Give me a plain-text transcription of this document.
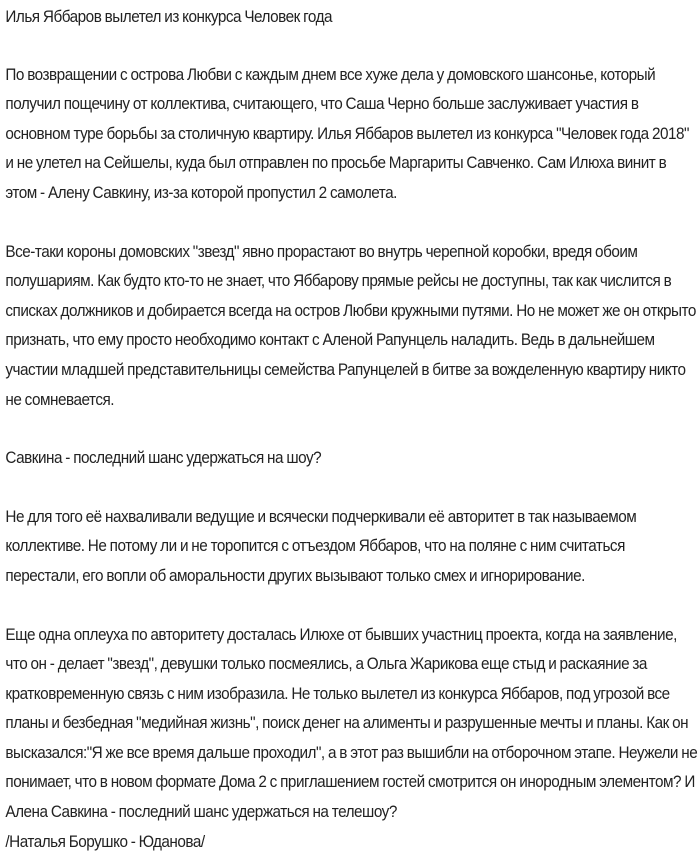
Илья Яббаров вылетел из конкурса Человек года

По возвращении с острова Любви с каждым днем все хуже дела у домовского шансонье, который получил пощечину от коллектива, считающего, что Саша Черно больше заслуживает участия в основном туре борьбы за столичную квартиру. Илья Яббаров вылетел из конкурса "Человек года 2018" и не улетел на Сейшелы, куда был отправлен по просьбе Маргариты Савченко. Сам Илюха винит в этом - Алену Савкину, из-за которой пропустил 2 самолета.

Все-таки короны домовских "звезд" явно прорастают во внутрь черепной коробки, вредя обоим полушариям. Как будто кто-то не знает, что Яббарову прямые рейсы не доступны, так как числится в списках должников и добирается всегда на остров Любви кружными путями. Но не может же он открыто признать, что ему просто необходимо контакт с Аленой Рапунцель наладить. Ведь в дальнейшем участии младшей представительницы семейства Рапунцелей в битве за вожделенную квартиру никто не сомневается.

Савкина - последний шанс удержаться на шоу?

Не для того её нахваливали ведущие и всячески подчеркивали её авторитет в так называемом коллективе. Не потому ли и не торопится с отъездом Яббаров, что на поляне с ним считаться перестали, его вопли об аморальности других вызывают только смех и игнорирование.

Еще одна оплеуха по авторитету досталась Илюхе от бывших участниц проекта, когда на заявление, что он - делает "звезд", девушки только посмеялись, а Ольга Жарикова еще стыд и раскаяние за кратковременную связь с ним изобразила. Не только вылетел из конкурса Яббаров, под угрозой все планы и безбедная "медийная жизнь", поиск денег на алименты и разрушенные мечты и планы. Как он высказался:"Я же все время дальше проходил", а в этот раз вышибли на отборочном этапе. Неужели не понимает, что в новом формате Дома 2 с приглашением гостей смотрится он инородным элементом? И Алена Савкина - последний шанс удержаться на телешоу?

/Наталья Борушко - Юданова/
